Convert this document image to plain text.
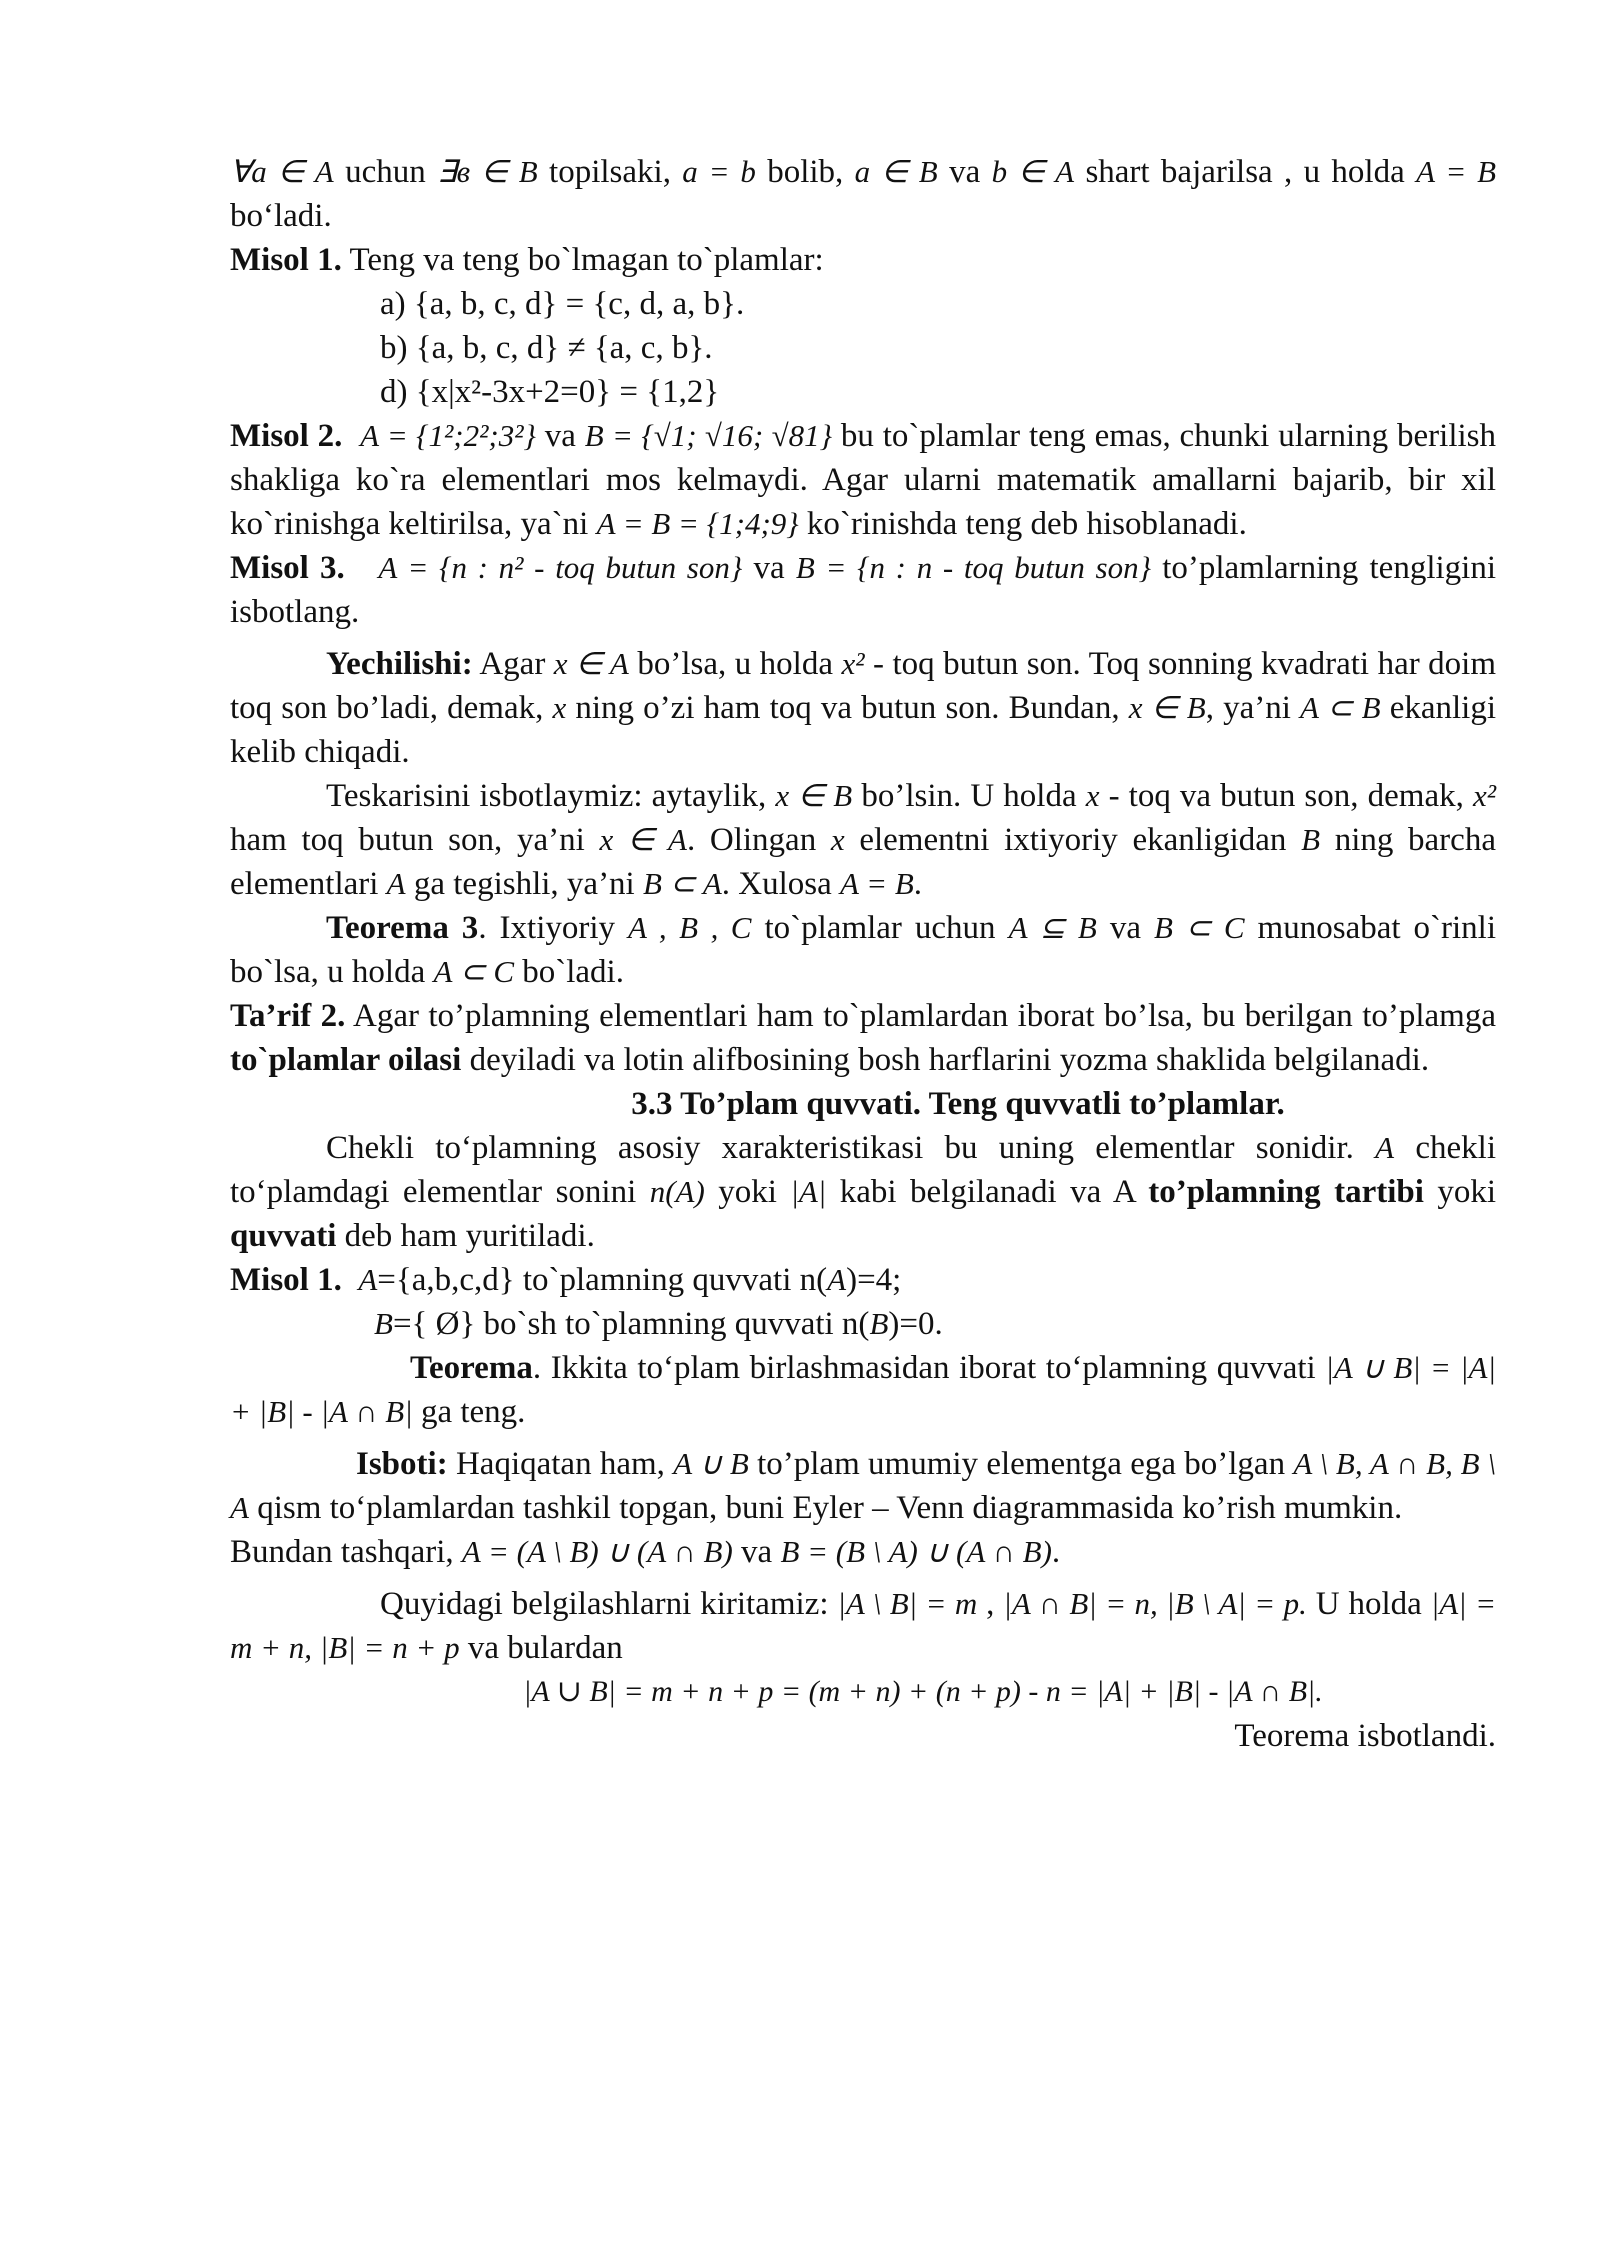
∀a ∈ A uchun ∃в ∈ B topilsaki, a = b bolib, a ∈ B va b ∈ A shart bajarilsa , u holda A = B bo‘ladi.

Misol 1. Teng va teng bo`lmagan to`plamlar:

a) {a, b, c, d} = {c, d, a, b}.
b) {a, b, c, d} ≠ {a, c, b}.
d) {x|x²-3x+2=0} = {1,2}

Misol 2. A = {1²;2²;3²} va B = {√1; √16; √81} bu to`plamlar teng emas, chunki ularning berilish shakliga ko`ra elementlari mos kelmaydi. Agar ularni matematik amallarni bajarib, bir xil ko`rinishga keltirilsa, ya`ni A = B = {1;4;9} ko`rinishda teng deb hisoblanadi.

Misol 3. A = {n : n² - toq butun son} va B = {n : n - toq butun son} to’plamlarning tengligini isbotlang.

Yechilishi: Agar x ∈ A bo’lsa, u holda x² - toq butun son. Toq sonning kvadrati har doim toq son bo’ladi, demak, x ning o’zi ham toq va butun son. Bundan, x ∈ B, ya’ni A ⊂ B ekanligi kelib chiqadi.

Teskarisini isbotlaymiz: aytaylik, x ∈ B bo’lsin. U holda x - toq va butun son, demak, x² ham toq butun son, ya’ni x ∈ A. Olingan x elementni ixtiyoriy ekanligidan B ning barcha elementlari A ga tegishli, ya’ni B ⊂ A. Xulosa A = B.

Teorema 3. Ixtiyoriy A , B , C to`plamlar uchun A ⊆ B va B ⊂ C munosabat o`rinli bo`lsa, u holda A ⊂ C bo`ladi.

Ta’rif 2. Agar to’plamning elementlari ham to`plamlardan iborat bo’lsa, bu berilgan to’plamga to`plamlar oilasi deyiladi va lotin alifbosining bosh harflarini yozma shaklida belgilanadi.

3.3 To’plam quvvati. Teng quvvatli to’plamlar.

Chekli to‘plamning asosiy xarakteristikasi bu uning elementlar sonidir. A chekli to‘plamdagi elementlar sonini n(A) yoki |A| kabi belgilanadi va A to’plamning tartibi yoki quvvati deb ham yuritiladi.

Misol 1. A={a,b,c,d} to`plamning quvvati n(A)=4;

B={ Ø} bo`sh to`plamning quvvati n(B)=0.

Teorema. Ikkita to‘plam birlashmasidan iborat to‘plamning quvvati |A ∪ B| = |A| + |B| - |A ∩ B| ga teng.

Isboti: Haqiqatan ham, A ∪ B to’plam umumiy elementga ega bo’lgan A \ B, A ∩ B, B \ A qism to‘plamlardan tashkil topgan, buni Eyler – Venn diagrammasida ko’rish mumkin.

Bundan tashqari, A = (A \ B) ∪ (A ∩ B) va B = (B \ A) ∪ (A ∩ B).

Quyidagi belgilashlarni kiritamiz: |A \ B| = m , |A ∩ B| = n, |B \ A| = p. U holda |A| = m + n, |B| = n + p va bulardan

|A ∪ B| = m + n + p = (m + n) + (n + p) - n = |A| + |B| - |A ∩ B|.

Teorema isbotlandi.
